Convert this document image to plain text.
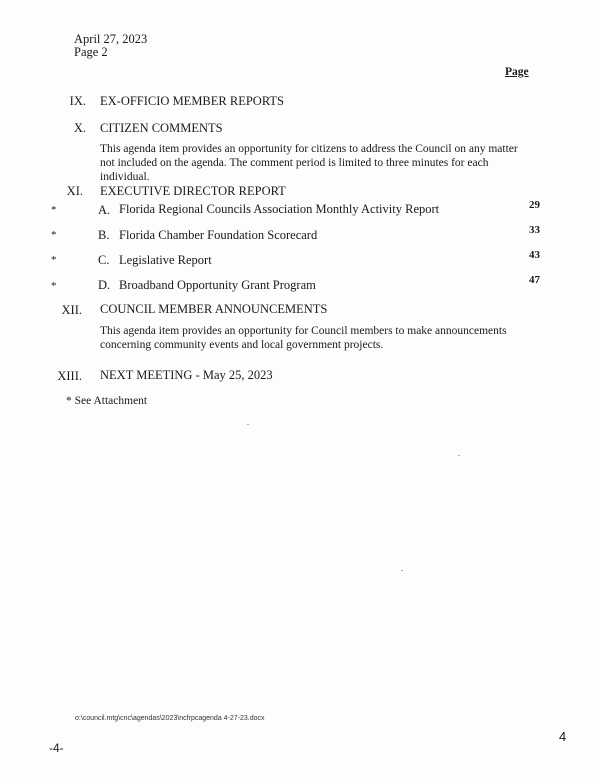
April 27, 2023
Page 2
Page
IX. EX-OFFICIO MEMBER REPORTS
X. CITIZEN COMMENTS
This agenda item provides an opportunity for citizens to address the Council on any matter not included on the agenda. The comment period is limited to three minutes for each individual.
XI. EXECUTIVE DIRECTOR REPORT
*	A. Florida Regional Councils Association Monthly Activity Report	29
*	B. Florida Chamber Foundation Scorecard	33
*	C. Legislative Report	43
*	D. Broadband Opportunity Grant Program	47
XII. COUNCIL MEMBER ANNOUNCEMENTS
This agenda item provides an opportunity for Council members to make announcements concerning community events and local government projects.
XIII. NEXT MEETING - May 25, 2023
* See Attachment
o:\council.mtg\cnc\agendas\2023\ncfrpcagenda 4-27-23.docx
-4-
4
